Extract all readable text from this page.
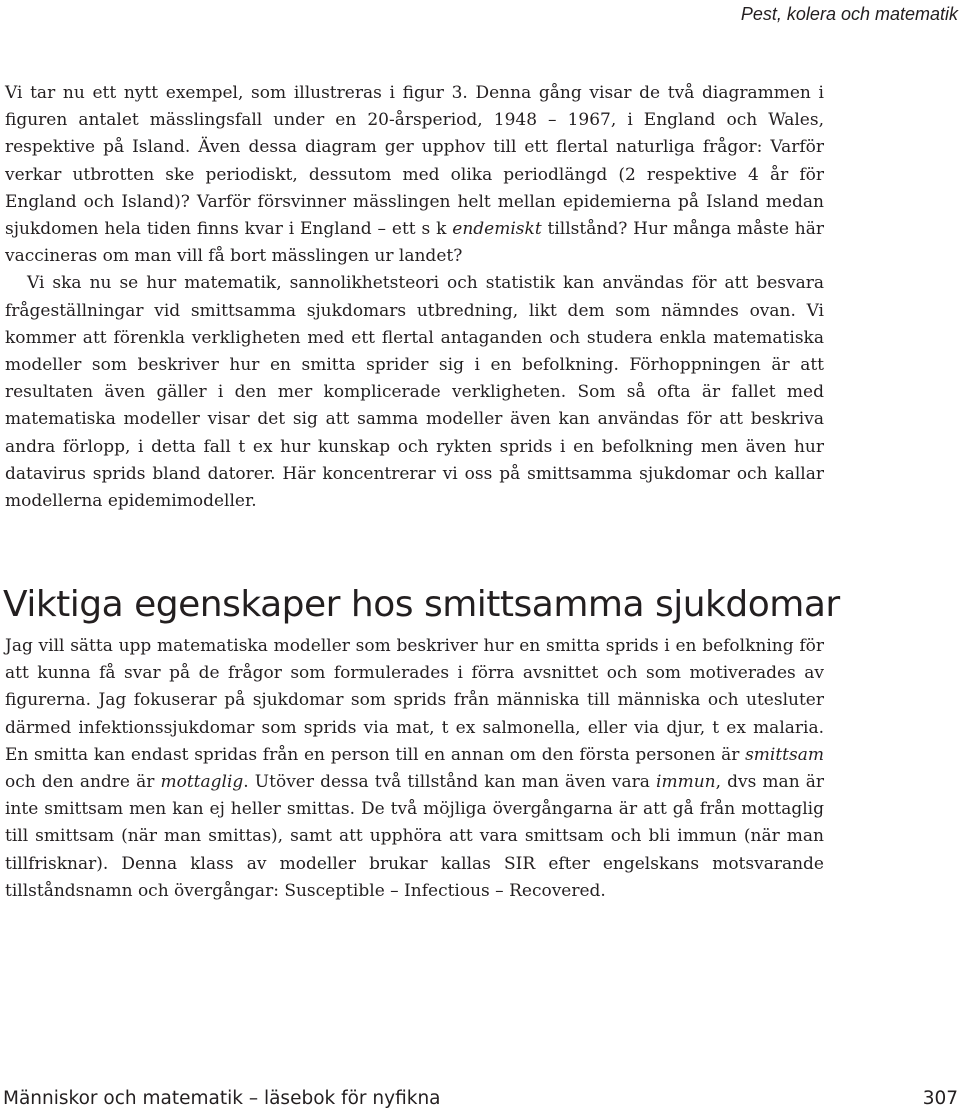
Pest, kolera och matematik

Vi tar nu ett nytt exempel, som illustreras i figur 3. Denna gång visar de två diagrammen i figuren antalet mässlingsfall under en 20-årsperiod, 1948 – 1967, i England och Wales, respektive på Island. Även dessa diagram ger upphov till ett flertal naturliga frågor: Varför verkar utbrotten ske periodiskt, dessutom med olika periodlängd (2 respektive 4 år för England och Island)? Varför försvinner mässlingen helt mellan epidemierna på Island medan sjukdomen hela tiden finns kvar i England – ett s k endemiskt tillstånd? Hur många måste här vaccineras om man vill få bort mässlingen ur landet?

Vi ska nu se hur matematik, sannolikhetsteori och statistik kan användas för att besvara frågeställningar vid smittsamma sjukdomars utbredning, likt dem som nämndes ovan. Vi kommer att förenkla verkligheten med ett flertal antaganden och studera enkla matematiska modeller som beskriver hur en smitta sprider sig i en befolkning. Förhoppningen är att resultaten även gäller i den mer komplicerade verkligheten. Som så ofta är fallet med matematiska modeller visar det sig att samma modeller även kan användas för att beskriva andra förlopp, i detta fall t ex hur kunskap och rykten sprids i en befolkning men även hur datavirus sprids bland datorer. Här koncentrerar vi oss på smittsamma sjukdomar och kallar modellerna epidemimodeller.

Viktiga egenskaper hos smittsamma sjukdomar

Jag vill sätta upp matematiska modeller som beskriver hur en smitta sprids i en befolkning för att kunna få svar på de frågor som formulerades i förra avsnittet och som motiverades av figurerna. Jag fokuserar på sjukdomar som sprids från människa till människa och utesluter därmed infektionssjukdomar som sprids via mat, t ex salmonella, eller via djur, t ex malaria. En smitta kan endast spridas från en person till en annan om den första personen är smittsam och den andre är mottaglig. Utöver dessa två tillstånd kan man även vara immun, dvs man är inte smittsam men kan ej heller smittas. De två möjliga övergångarna är att gå från mottaglig till smittsam (när man smittas), samt att upphöra att vara smittsam och bli immun (när man tillfrisknar). Denna klass av modeller brukar kallas SIR efter engelskans motsvarande tillståndsnamn och övergångar: Susceptible – Infectious – Recovered.

Människor och matematik – läsebok för nyfikna	307
